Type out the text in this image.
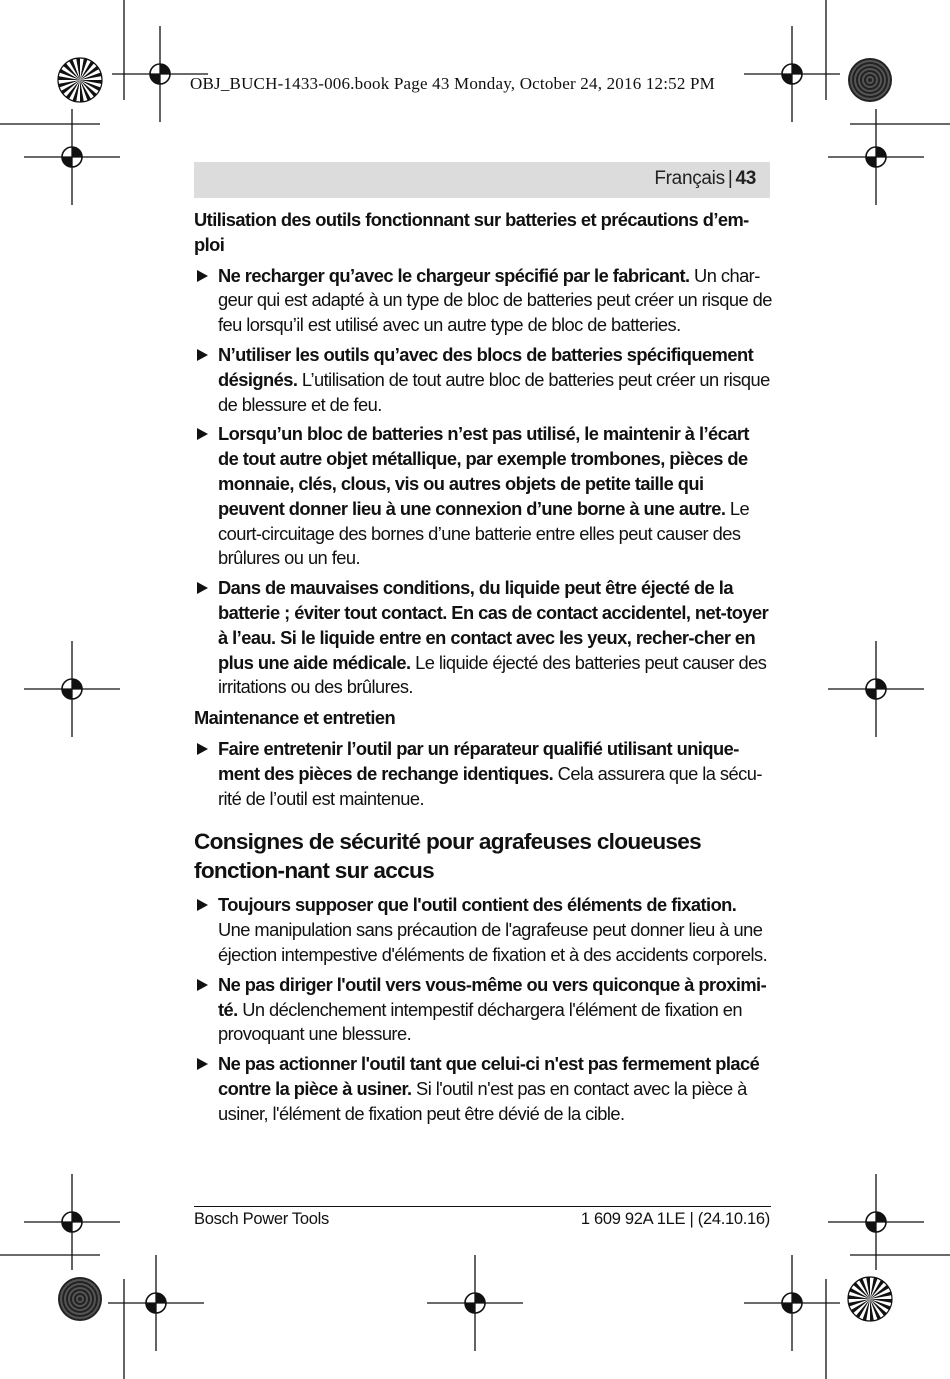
OBJ_BUCH-1433-006.book Page 43 Monday, October 24, 2016 12:52 PM
Français | 43
Utilisation des outils fonctionnant sur batteries et précautions d’em-ploi
Ne recharger qu’avec le chargeur spécifié par le fabricant. Un char-geur qui est adapté à un type de bloc de batteries peut créer un risque de feu lorsqu’il est utilisé avec un autre type de bloc de batteries.
N’utiliser les outils qu’avec des blocs de batteries spécifiquement désignés. L’utilisation de tout autre bloc de batteries peut créer un risque de blessure et de feu.
Lorsqu’un bloc de batteries n’est pas utilisé, le maintenir à l’écart de tout autre objet métallique, par exemple trombones, pièces de monnaie, clés, clous, vis ou autres objets de petite taille qui peuvent donner lieu à une connexion d’une borne à une autre. Le court-circuitage des bornes d’une batterie entre elles peut causer des brûlures ou un feu.
Dans de mauvaises conditions, du liquide peut être éjecté de la batterie ; éviter tout contact. En cas de contact accidentel, net-toyer à l’eau. Si le liquide entre en contact avec les yeux, recher-cher en plus une aide médicale. Le liquide éjecté des batteries peut causer des irritations ou des brûlures.
Maintenance et entretien
Faire entretenir l’outil par un réparateur qualifié utilisant unique-ment des pièces de rechange identiques. Cela assurera que la sécu-rité de l’outil est maintenue.
Consignes de sécurité pour agrafeuses cloueuses fonction-nant sur accus
Toujours supposer que l'outil contient des éléments de fixation. Une manipulation sans précaution de l'agrafeuse peut donner lieu à une éjection intempestive d'éléments de fixation et à des accidents corporels.
Ne pas diriger l'outil vers vous-même ou vers quiconque à proximi-té. Un déclenchement intempestif déchargera l'élément de fixation en provoquant une blessure.
Ne pas actionner l'outil tant que celui-ci n'est pas fermement placé contre la pièce à usiner. Si l'outil n'est pas en contact avec la pièce à usiner, l'élément de fixation peut être dévié de la cible.
Bosch Power Tools	1 609 92A 1LE | (24.10.16)
